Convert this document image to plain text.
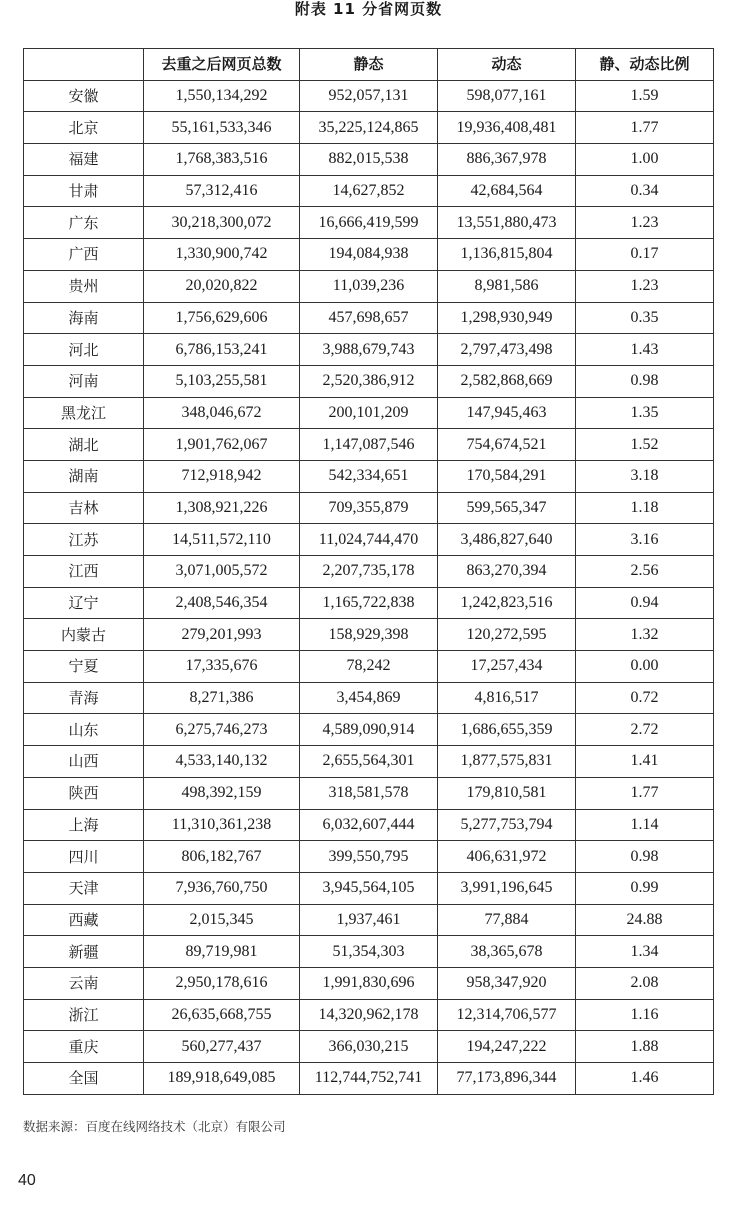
附表 11 分省网页数
	去重之后网页总数	静态	动态	静、动态比例
安徽	1,550,134,292	952,057,131	598,077,161	1.59
北京	55,161,533,346	35,225,124,865	19,936,408,481	1.77
福建	1,768,383,516	882,015,538	886,367,978	1.00
甘肃	57,312,416	14,627,852	42,684,564	0.34
广东	30,218,300,072	16,666,419,599	13,551,880,473	1.23
广西	1,330,900,742	194,084,938	1,136,815,804	0.17
贵州	20,020,822	11,039,236	8,981,586	1.23
海南	1,756,629,606	457,698,657	1,298,930,949	0.35
河北	6,786,153,241	3,988,679,743	2,797,473,498	1.43
河南	5,103,255,581	2,520,386,912	2,582,868,669	0.98
黑龙江	348,046,672	200,101,209	147,945,463	1.35
湖北	1,901,762,067	1,147,087,546	754,674,521	1.52
湖南	712,918,942	542,334,651	170,584,291	3.18
吉林	1,308,921,226	709,355,879	599,565,347	1.18
江苏	14,511,572,110	11,024,744,470	3,486,827,640	3.16
江西	3,071,005,572	2,207,735,178	863,270,394	2.56
辽宁	2,408,546,354	1,165,722,838	1,242,823,516	0.94
内蒙古	279,201,993	158,929,398	120,272,595	1.32
宁夏	17,335,676	78,242	17,257,434	0.00
青海	8,271,386	3,454,869	4,816,517	0.72
山东	6,275,746,273	4,589,090,914	1,686,655,359	2.72
山西	4,533,140,132	2,655,564,301	1,877,575,831	1.41
陕西	498,392,159	318,581,578	179,810,581	1.77
上海	11,310,361,238	6,032,607,444	5,277,753,794	1.14
四川	806,182,767	399,550,795	406,631,972	0.98
天津	7,936,760,750	3,945,564,105	3,991,196,645	0.99
西藏	2,015,345	1,937,461	77,884	24.88
新疆	89,719,981	51,354,303	38,365,678	1.34
云南	2,950,178,616	1,991,830,696	958,347,920	2.08
浙江	26,635,668,755	14,320,962,178	12,314,706,577	1.16
重庆	560,277,437	366,030,215	194,247,222	1.88
全国	189,918,649,085	112,744,752,741	77,173,896,344	1.46
数据来源：百度在线网络技术（北京）有限公司
40
